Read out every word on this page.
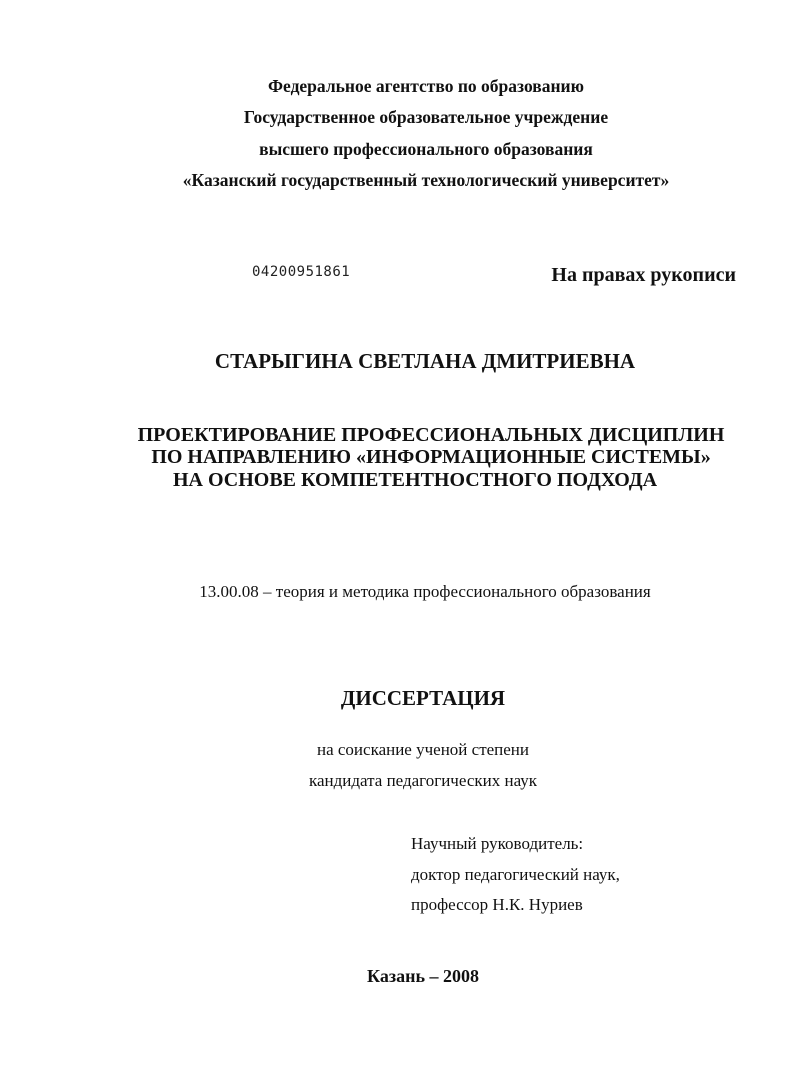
Федеральное агентство по образованию
Государственное образовательное учреждение
высшего профессионального образования
«Казанский государственный технологический университет»
04200951861	На правах рукописи
СТАРЫГИНА СВЕТЛАНА ДМИТРИЕВНА
ПРОЕКТИРОВАНИЕ ПРОФЕССИОНАЛЬНЫХ ДИСЦИПЛИН
ПО НАПРАВЛЕНИЮ «ИНФОРМАЦИОННЫЕ СИСТЕМЫ»
НА ОСНОВЕ КОМПЕТЕНТНОСТНОГО ПОДХОДА
13.00.08 – теория и методика профессионального образования
ДИССЕРТАЦИЯ
на соискание ученой степени
кандидата педагогических наук
Научный руководитель:
доктор педагогический наук,
профессор Н.К. Нуриев
Казань – 2008
